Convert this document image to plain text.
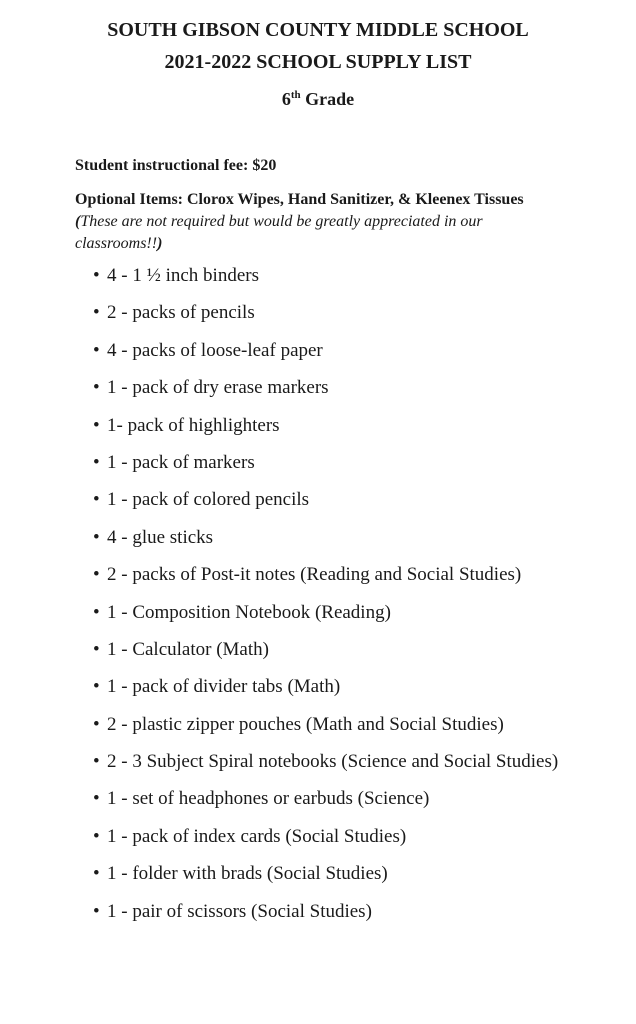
SOUTH GIBSON COUNTY MIDDLE SCHOOL
2021-2022 SCHOOL SUPPLY LIST
6th Grade
Student instructional fee: $20
Optional Items: Clorox Wipes, Hand Sanitizer, & Kleenex Tissues (These are not required but would be greatly appreciated in our classrooms!!)
• 4 - 1 ½ inch binders
• 2 - packs of pencils
• 4 - packs of loose-leaf paper
• 1 - pack of dry erase markers
• 1- pack of highlighters
• 1 - pack of markers
• 1 - pack of colored pencils
• 4 - glue sticks
• 2 - packs of Post-it notes (Reading and Social Studies)
• 1 - Composition Notebook (Reading)
• 1 - Calculator (Math)
• 1 - pack of divider tabs (Math)
• 2 - plastic zipper pouches (Math and Social Studies)
• 2 - 3 Subject Spiral notebooks (Science and Social Studies)
• 1 - set of headphones or earbuds (Science)
• 1 - pack of index cards (Social Studies)
• 1 - folder with brads (Social Studies)
• 1 - pair of scissors (Social Studies)
